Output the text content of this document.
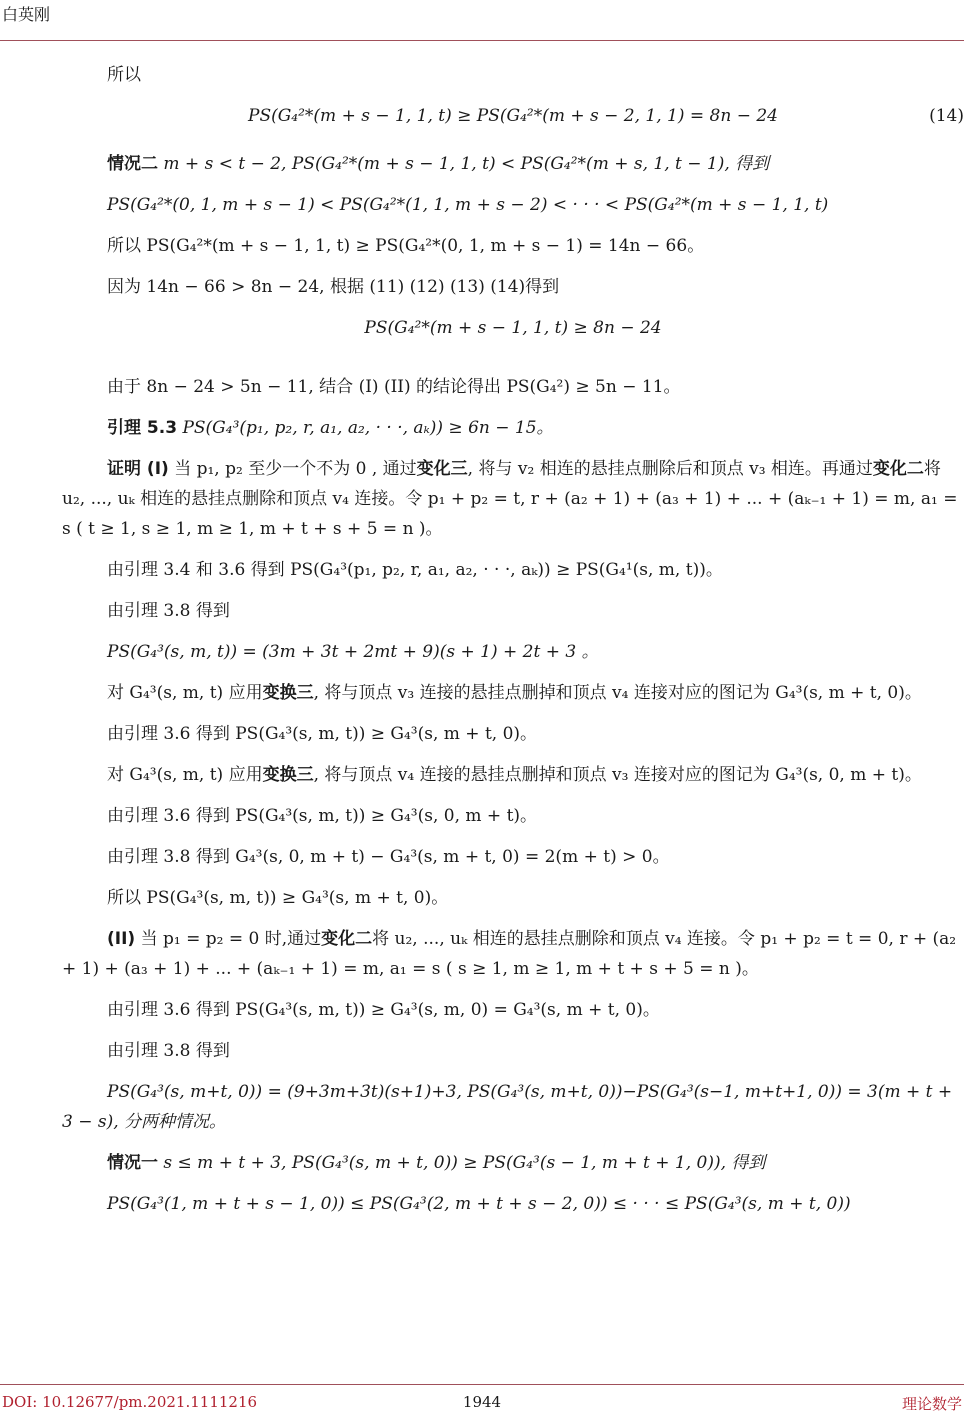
白英刚

所以

PS(G₄²*(m + s − 1, 1, t) ≥ PS(G₄²*(m + s − 2, 1, 1) = 8n − 24	(14)

情况二 m + s < t − 2, PS(G₄²*(m + s − 1, 1, t) < PS(G₄²*(m + s, 1, t − 1), 得到

PS(G₄²*(0, 1, m + s − 1) < PS(G₄²*(1, 1, m + s − 2) < · · · < PS(G₄²*(m + s − 1, 1, t)

所以 PS(G₄²*(m + s − 1, 1, t) ≥ PS(G₄²*(0, 1, m + s − 1) = 14n − 66。

因为 14n − 66 > 8n − 24, 根据 (11) (12) (13) (14)得到

PS(G₄²*(m + s − 1, 1, t) ≥ 8n − 24

由于 8n − 24 > 5n − 11, 结合 (I) (II) 的结论得出 PS(G₄²) ≥ 5n − 11。

引理 5.3 PS(G₄³(p₁, p₂, r, a₁, a₂, · · ·, aₖ)) ≥ 6n − 15。

证明 (I) 当 p₁, p₂ 至少一个不为 0 , 通过变化三, 将与 v₂ 相连的悬挂点删除后和顶点 v₃ 相连。再通过变化二将 u₂, ..., uₖ 相连的悬挂点删除和顶点 v₄ 连接。令 p₁ + p₂ = t, r + (a₂ + 1) + (a₃ + 1) + ... + (aₖ₋₁ + 1) = m, a₁ = s ( t ≥ 1, s ≥ 1, m ≥ 1, m + t + s + 5 = n )。

由引理 3.4 和 3.6 得到 PS(G₄³(p₁, p₂, r, a₁, a₂, · · ·, aₖ)) ≥ PS(G₄¹(s, m, t))。

由引理 3.8 得到

PS(G₄³(s, m, t)) = (3m + 3t + 2mt + 9)(s + 1) + 2t + 3 。

对 G₄³(s, m, t) 应用变换三, 将与顶点 v₃ 连接的悬挂点删掉和顶点 v₄ 连接对应的图记为 G₄³(s, m + t, 0)。

由引理 3.6 得到 PS(G₄³(s, m, t)) ≥ G₄³(s, m + t, 0)。

对 G₄³(s, m, t) 应用变换三, 将与顶点 v₄ 连接的悬挂点删掉和顶点 v₃ 连接对应的图记为 G₄³(s, 0, m + t)。

由引理 3.6 得到 PS(G₄³(s, m, t)) ≥ G₄³(s, 0, m + t)。

由引理 3.8 得到 G₄³(s, 0, m + t) − G₄³(s, m + t, 0) = 2(m + t) > 0。

所以 PS(G₄³(s, m, t)) ≥ G₄³(s, m + t, 0)。

(II) 当 p₁ = p₂ = 0 时,通过变化二将 u₂, ..., uₖ 相连的悬挂点删除和顶点 v₄ 连接。令 p₁ + p₂ = t = 0, r + (a₂ + 1) + (a₃ + 1) + ... + (aₖ₋₁ + 1) = m, a₁ = s ( s ≥ 1, m ≥ 1, m + t + s + 5 = n )。

由引理 3.6 得到 PS(G₄³(s, m, t)) ≥ G₄³(s, m, 0) = G₄³(s, m + t, 0)。

由引理 3.8 得到

PS(G₄³(s, m+t, 0)) = (9+3m+3t)(s+1)+3, PS(G₄³(s, m+t, 0))−PS(G₄³(s−1, m+t+1, 0)) = 3(m + t + 3 − s), 分两种情况。

情况一 s ≤ m + t + 3, PS(G₄³(s, m + t, 0)) ≥ PS(G₄³(s − 1, m + t + 1, 0)), 得到

PS(G₄³(1, m + t + s − 1, 0)) ≤ PS(G₄³(2, m + t + s − 2, 0)) ≤ · · · ≤ PS(G₄³(s, m + t, 0))

DOI: 10.12677/pm.2021.1111216	1944	理论数学
